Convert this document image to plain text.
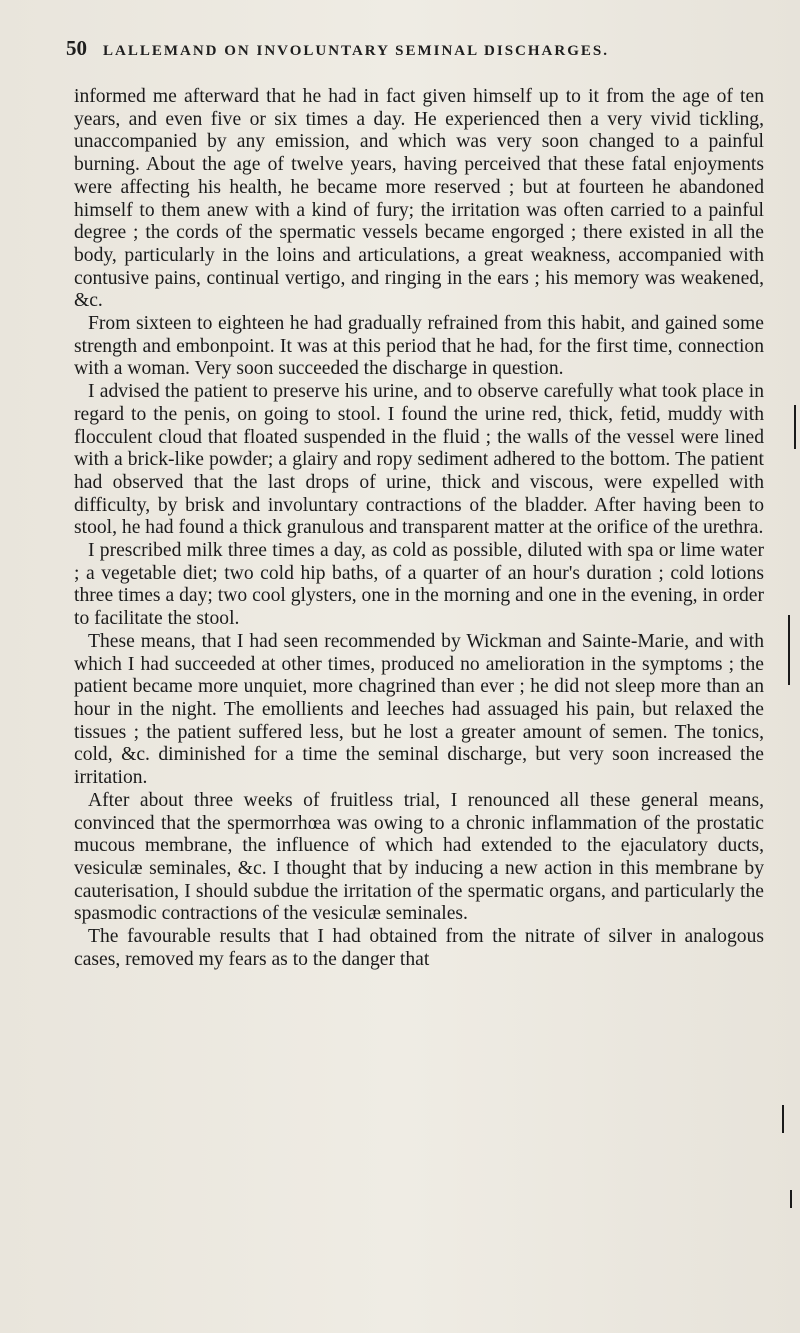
50 LALLEMAND ON INVOLUNTARY SEMINAL DISCHARGES.

informed me afterward that he had in fact given himself up to it from the age of ten years, and even five or six times a day. He experienced then a very vivid tickling, unaccompanied by any emission, and which was very soon changed to a painful burning. About the age of twelve years, having perceived that these fatal enjoyments were affecting his health, he became more reserved ; but at fourteen he abandoned himself to them anew with a kind of fury; the irritation was often carried to a painful degree ; the cords of the spermatic vessels became engorged ; there existed in all the body, particularly in the loins and articulations, a great weakness, accompanied with contusive pains, continual vertigo, and ringing in the ears ; his memory was weakened, &c.

From sixteen to eighteen he had gradually refrained from this habit, and gained some strength and embonpoint. It was at this period that he had, for the first time, connection with a woman. Very soon succeeded the discharge in question.

I advised the patient to preserve his urine, and to observe carefully what took place in regard to the penis, on going to stool. I found the urine red, thick, fetid, muddy with flocculent cloud that floated suspended in the fluid ; the walls of the vessel were lined with a brick-like powder; a glairy and ropy sediment adhered to the bottom. The patient had observed that the last drops of urine, thick and viscous, were expelled with difficulty, by brisk and involuntary contractions of the bladder. After having been to stool, he had found a thick granulous and transparent matter at the orifice of the urethra.

I prescribed milk three times a day, as cold as possible, diluted with spa or lime water ; a vegetable diet; two cold hip baths, of a quarter of an hour's duration ; cold lotions three times a day; two cool glysters, one in the morning and one in the evening, in order to facilitate the stool.

These means, that I had seen recommended by Wickman and Sainte-Marie, and with which I had succeeded at other times, produced no amelioration in the symptoms ; the patient became more unquiet, more chagrined than ever ; he did not sleep more than an hour in the night. The emollients and leeches had assuaged his pain, but relaxed the tissues ; the patient suffered less, but he lost a greater amount of semen. The tonics, cold, &c. diminished for a time the seminal discharge, but very soon increased the irritation.

After about three weeks of fruitless trial, I renounced all these general means, convinced that the spermorrhœa was owing to a chronic inflammation of the prostatic mucous membrane, the influence of which had extended to the ejaculatory ducts, vesiculæ seminales, &c. I thought that by inducing a new action in this membrane by cauterisation, I should subdue the irritation of the spermatic organs, and particularly the spasmodic contractions of the vesiculæ seminales.

The favourable results that I had obtained from the nitrate of silver in analogous cases, removed my fears as to the danger that
